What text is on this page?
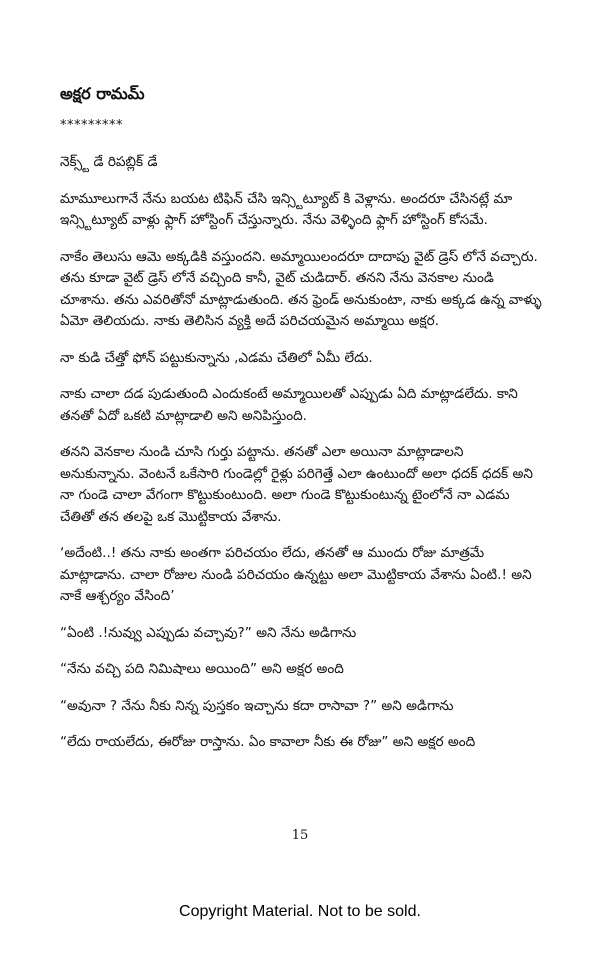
అక్షర రామమ్
*********

నెక్స్ట్ డే రిపబ్లిక్ డే

మామూలుగానే నేను బయట టిఫిన్ చేసి ఇన్స్టిట్యూట్ కి వెళ్లాను. అందరూ చేసినట్లే మా ఇన్స్టిట్యూట్ వాళ్లు ఫ్లాగ్ హోస్టింగ్ చేస్తున్నారు. నేను వెళ్ళింది ఫ్లాగ్ హోస్టింగ్ కోసమే.

నాకేం తెలుసు ఆమె అక్కడికి వస్తుందని. అమ్మాయిలందరూ దాదాపు వైట్ డ్రెస్ లోనే వచ్చారు. తను కూడా వైట్ డ్రెస్ లోనే వచ్చింది కానీ, వైట్ చుడిదార్. తనని నేను వెనకాల నుండి చూశాను. తను ఎవరితోనో మాట్లాడుతుంది. తన ఫ్రెండ్ అనుకుంటా, నాకు అక్కడ ఉన్న వాళ్ళు ఏమో తెలియదు. నాకు తెలిసిన వ్యక్తి అదే పరిచయమైన అమ్మాయి అక్షర.

నా కుడి చేత్తో ఫోన్ పట్టుకున్నాను ,ఎడమ చేతిలో ఏమీ లేదు.

నాకు చాలా దడ పుడుతుంది ఎందుకంటే అమ్మాయిలతో ఎప్పుడు ఏది మాట్లాడలేదు. కాని తనతో ఏదో ఒకటి మాట్లాడాలి అని అనిపిస్తుంది.

తనని వెనకాల నుండి చూసి గుర్తు పట్టాను. తనతో ఎలా అయినా మాట్లాడాలని అనుకున్నాను. వెంటనే ఒకేసారి గుండెల్లో రైళ్లు పరిగెత్తే ఎలా ఉంటుందో అలా ధదక్ ధదక్ అని నా గుండె చాలా వేగంగా కొట్టుకుంటుంది. అలా గుండె కొట్టుకుంటున్న టైంలోనే నా ఎడమ చేతితో తన తలపై ఒక మొట్టికాయ వేశాను.

‘అదేంటి..! తను నాకు అంతగా పరిచయం లేదు, తనతో ఆ ముందు రోజు మాత్రమే మాట్లాడాను. చాలా రోజుల నుండి పరిచయం ఉన్నట్టు అలా మొట్టికాయ వేశాను ఏంటి.! అని నాకే ఆశ్చర్యం వేసింది’

“ఏంటి .!నువ్వు ఎప్పుడు వచ్చావు?” అని నేను అడిగాను

“నేను వచ్చి పది నిమిషాలు అయింది” అని అక్షర అంది

“అవునా ? నేను నీకు నిన్న పుస్తకం ఇచ్చాను కదా రాసావా ?” అని అడిగాను

“లేదు రాయలేదు, ఈరోజు రాస్తాను. ఏం కావాలా నీకు ఈ రోజు” అని అక్షర అంది

15
Copyright Material. Not to be sold.
